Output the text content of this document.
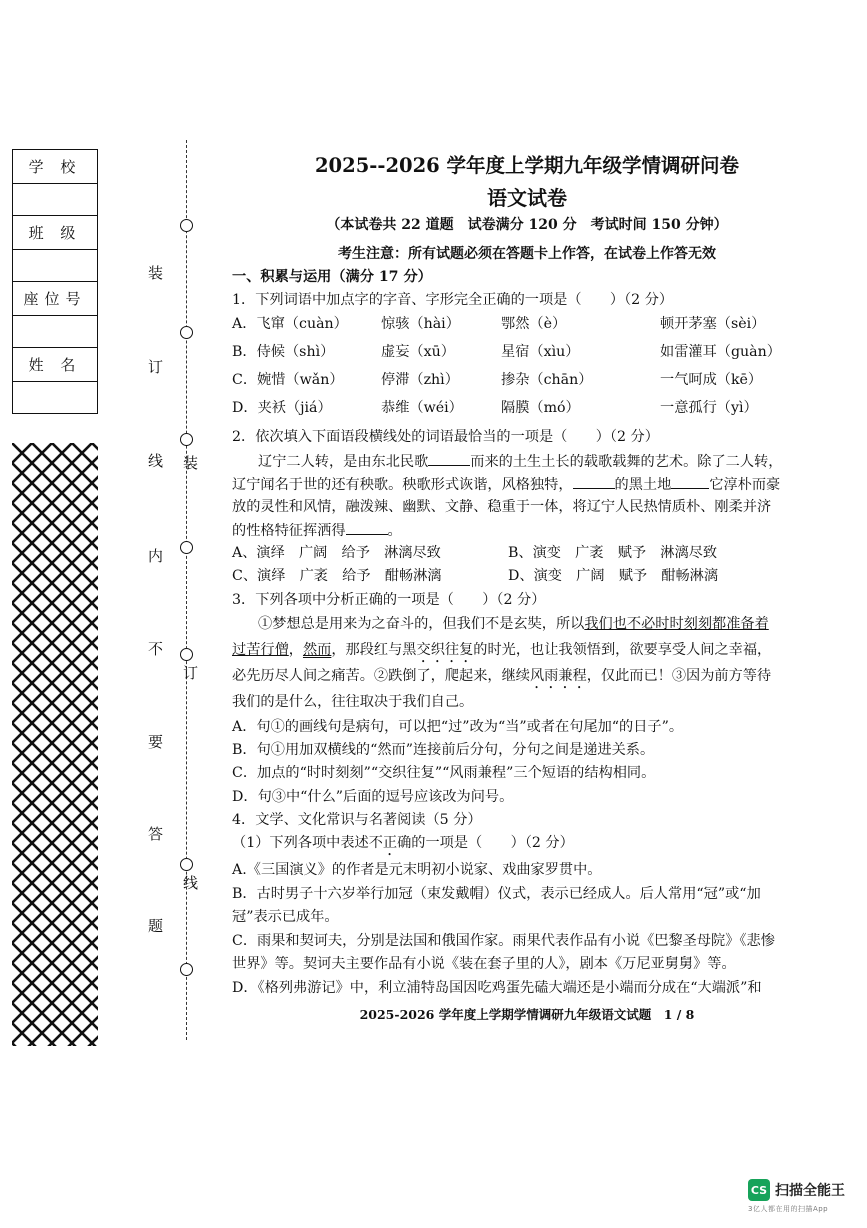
学 校
班 级
座位号
姓 名
装
订
线
装
订
线
内
不
要
答
题
2025--2026 学年度上学期九年级学情调研问卷
语文试卷
（本试卷共 22 道题　试卷满分 120 分　考试时间 150 分钟）
考生注意：所有试题必须在答题卡上作答，在试卷上作答无效
一、积累与运用（满分 17 分）
1．下列词语中加点字的字音、字形完全正确的一项是（　　）（2 分）
A．飞窜（cuàn） 惊骇（hài）	鄂然（è）	顿开茅塞（sèi）
B．侍候（shì）	虚妄（xū）	星宿（xìu）	如雷灌耳（guàn）
C．婉惜（wǎn）	停滞（zhì）	掺杂（chān）	一气呵成（kē）
D．夹袄（jiá）	恭维（wéi）	隔膜（mó）	一意孤行（yì）
2．依次填入下面语段横线处的词语最恰当的一项是（　　）（2 分）
辽宁二人转，是由东北民歌	而来的土生土长的载歌载舞的艺术。除了二人转，
辽宁闻名于世的还有秧歌。秧歌形式诙谐，风格独特，	的黑土地	它淳朴而豪
放的灵性和风情，融泼辣、幽默、文静、稳重于一体，将辽宁人民热情质朴、刚柔并济
的性格特征挥洒得	。
A、演绎　广阔　给予　淋漓尽致	B、演变　广袤　赋予　淋漓尽致
C、演绎　广袤　给予　酣畅淋漓	D、演变　广阔　赋予　酣畅淋漓
3．下列各项中分析正确的一项是（　　）（2 分）
①梦想总是用来为之奋斗的，但我们不是玄奘，所以我们也不必时时刻刻都准备着
过苦行僧，然而，那段红与黑交织往复的时光，也让我领悟到，欲要享受人间之幸福，
必先历尽人间之痛苦。②跌倒了，爬起来，继续风雨兼程，仅此而已！③因为前方等待
我们的是什么，往往取决于我们自己。
A．句①的画线句是病句，可以把“过”改为“当”或者在句尾加“的日子”。
B．句①用加双横线的“然而”连接前后分句，分句之间是递进关系。
C．加点的“时时刻刻”“交织往复”“风雨兼程”三个短语的结构相同。
D．句③中“什么”后面的逗号应该改为问号。
4．文学、文化常识与名著阅读（5 分）
（1）下列各项中表述不正确的一项是（　　）（2 分）
A.《三国演义》的作者是元末明初小说家、戏曲家罗贯中。
B．古时男子十六岁举行加冠（束发戴帽）仪式，表示已经成人。后人常用“冠”或“加
冠”表示已成年。
C．雨果和契诃夫，分别是法国和俄国作家。雨果代表作品有小说《巴黎圣母院》《悲惨
世界》等。契诃夫主要作品有小说《装在套子里的人》，剧本《万尼亚舅舅》等。
D．《格列弗游记》中，利立浦特岛国因吃鸡蛋先磕大端还是小端而分成在“大端派”和
2025-2026 学年度上学期学情调研九年级语文试题　1 / 8
CS 扫描全能王
3亿人都在用的扫描App
